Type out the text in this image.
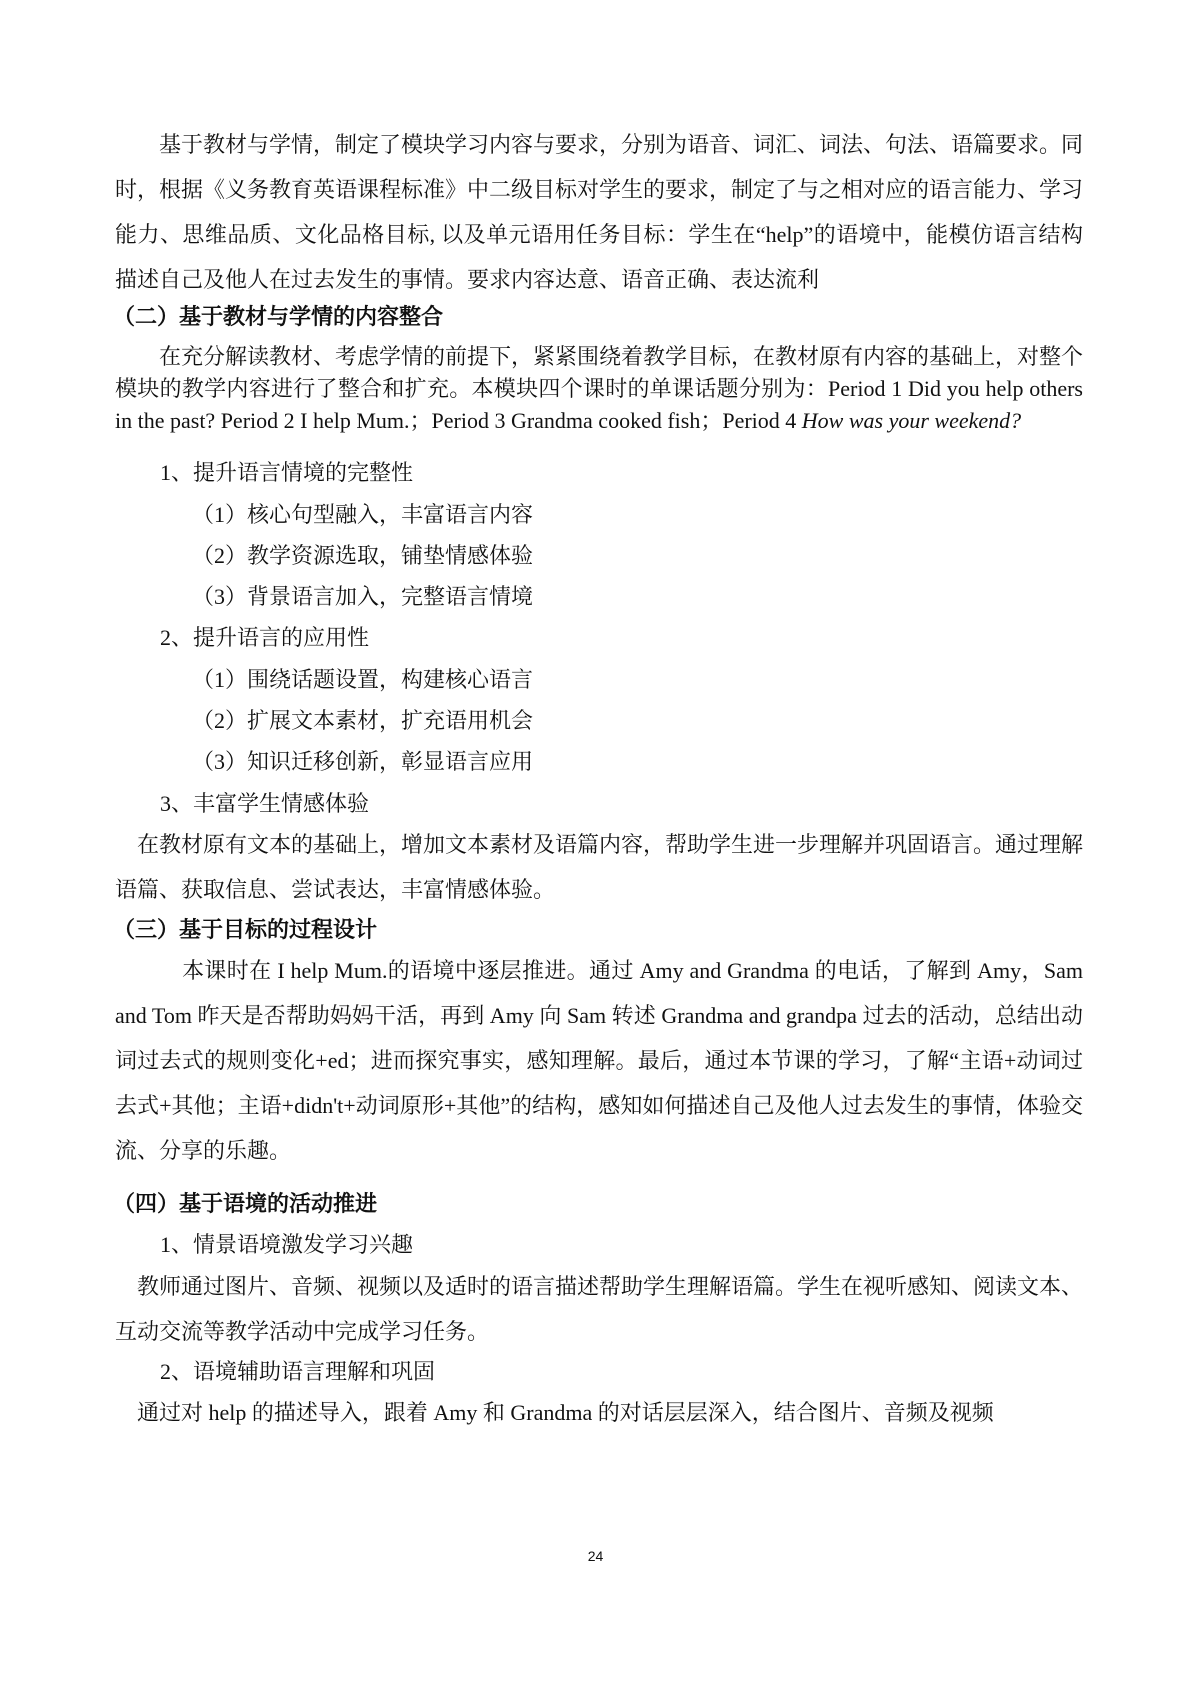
　　基于教材与学情，制定了模块学习内容与要求，分别为语音、词汇、词法、句法、语篇要求。同时，根据《义务教育英语课程标准》中二级目标对学生的要求，制定了与之相对应的语言能力、学习能力、思维品质、文化品格目标, 以及单元语用任务目标：学生在“help”的语境中，能模仿语言结构描述自己及他人在过去发生的事情。要求内容达意、语音正确、表达流利

（二）基于教材与学情的内容整合

　　在充分解读教材、考虑学情的前提下，紧紧围绕着教学目标，在教材原有内容的基础上，对整个模块的教学内容进行了整合和扩充。本模块四个课时的单课话题分别为：Period 1 Did you help others in the past? Period 2 I help Mum.；Period 3 Grandma cooked fish；Period 4 How was your weekend?

1、提升语言情境的完整性

（1）核心句型融入，丰富语言内容

（2）教学资源选取，铺垫情感体验

（3）背景语言加入，完整语言情境

2、提升语言的应用性

（1）围绕话题设置，构建核心语言

（2）扩展文本素材，扩充语用机会

（3）知识迁移创新，彰显语言应用

3、丰富学生情感体验

　在教材原有文本的基础上，增加文本素材及语篇内容，帮助学生进一步理解并巩固语言。通过理解语篇、获取信息、尝试表达，丰富情感体验。

（三）基于目标的过程设计

　　　本课时在 I help Mum.的语境中逐层推进。通过 Amy and Grandma 的电话，了解到 Amy，Sam and Tom 昨天是否帮助妈妈干活，再到 Amy 向 Sam 转述 Grandma and grandpa 过去的活动，总结出动词过去式的规则变化+ed；进而探究事实，感知理解。最后，通过本节课的学习，了解“主语+动词过去式+其他；主语+didn't+动词原形+其他”的结构，感知如何描述自己及他人过去发生的事情，体验交流、分享的乐趣。

（四）基于语境的活动推进

1、情景语境激发学习兴趣

　教师通过图片、音频、视频以及适时的语言描述帮助学生理解语篇。学生在视听感知、阅读文本、互动交流等教学活动中完成学习任务。

2、语境辅助语言理解和巩固

　通过对 help 的描述导入，跟着 Amy 和 Grandma 的对话层层深入，结合图片、音频及视频

24
